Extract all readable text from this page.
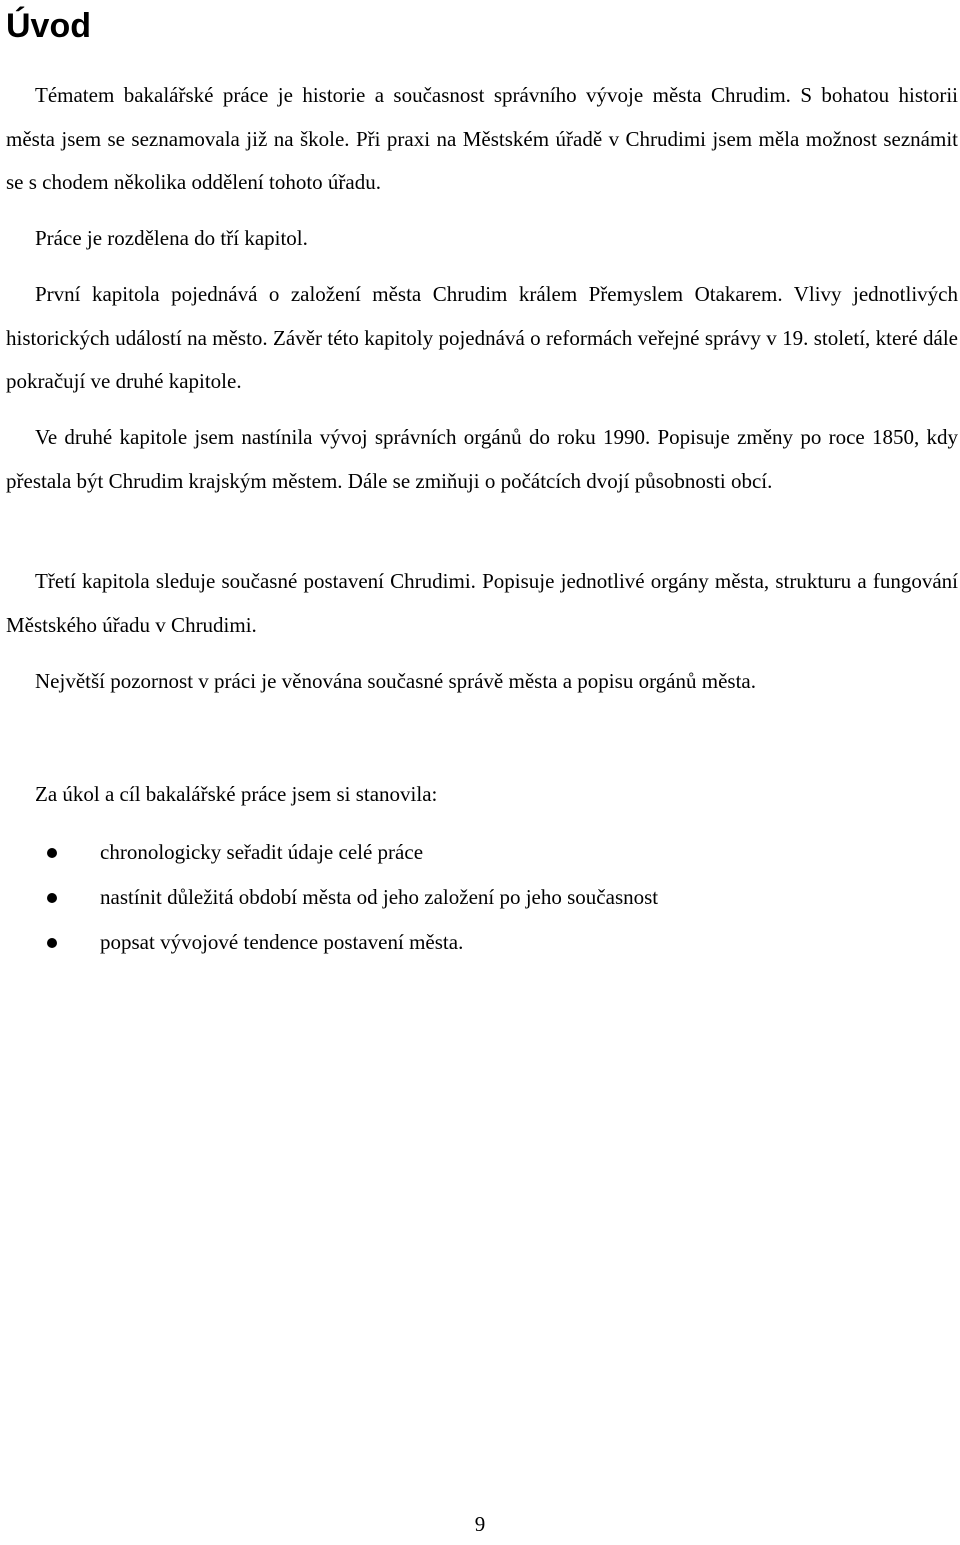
Úvod

Tématem bakalářské práce je historie a současnost správního vývoje města Chrudim. S bohatou historii města jsem se seznamovala již na škole. Při praxi na Městském úřadě v Chrudimi jsem měla možnost seznámit se s chodem několika oddělení tohoto úřadu.

Práce je rozdělena do tří kapitol.

První kapitola pojednává o založení města Chrudim králem Přemyslem Otakarem. Vlivy jednotlivých historických událostí na město. Závěr této kapitoly pojednává o reformách veřejné správy v 19. století, které dále pokračují ve druhé kapitole.

Ve druhé kapitole jsem nastínila vývoj správních orgánů do roku 1990. Popisuje změny po roce 1850, kdy přestala být Chrudim krajským městem. Dále se zmiňuji o počátcích dvojí působnosti obcí.

Třetí kapitola sleduje současné postavení Chrudimi. Popisuje jednotlivé orgány města, strukturu a fungování Městského úřadu v Chrudimi.

Největší pozornost v práci je věnována současné správě města a popisu orgánů města.

Za úkol a cíl bakalářské práce jsem si stanovila:

chronologicky seřadit údaje celé práce
nastínit důležitá období města od jeho založení po jeho současnost
popsat vývojové tendence postavení města.

9
